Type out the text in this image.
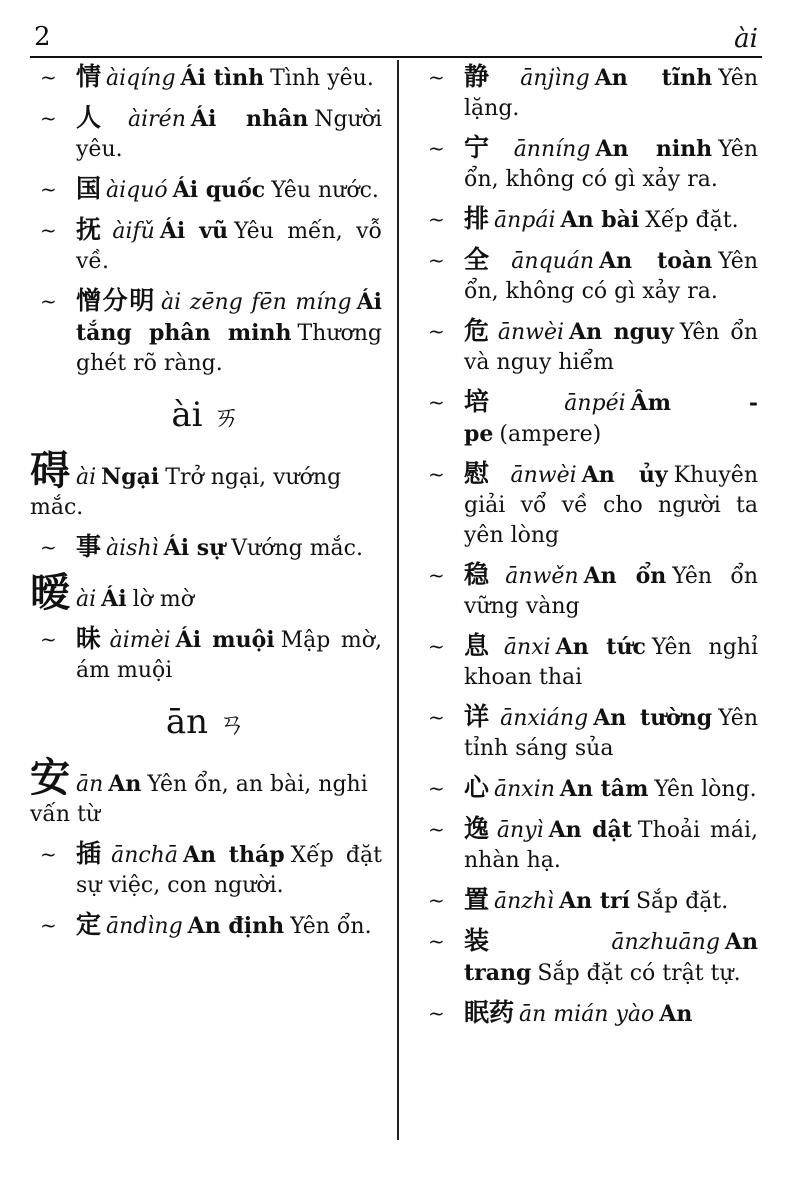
2	ài
~ 情 àiqíng Ái tình Tình yêu.
~ 人 àirén Ái nhân Người yêu.
~ 国 àiquó Ái quốc Yêu nước.
~ 抚 àifǔ Ái vũ Yêu mến, vỗ về.
~ 憎分明 ài zēng fēn míng Ái tắng phân minh Thương ghét rõ ràng.
ài ㄞ
碍ài Ngại Trở ngại, vướng mắc.
~ 事 àishì Ái sự Vướng mắc.
暧ài Ái lờ mờ
~ 昧 àimèi Ái muội Mập mờ, ám muội
ān ㄢ
安ān An Yên ổn, an bài, nghi vấn từ
~ 插 ānchā An tháp Xếp đặt sự việc, con người.
~ 定 āndìng An định Yên ổn.
~ 静 ānjìng An tĩnh Yên lặng.
~ 宁 ānníng An ninh Yên ổn, không có gì xảy ra.
~ 排 ānpái An bài Xếp đặt.
~ 全 ānquán An toàn Yên ổn, không có gì xảy ra.
~ 危 ānwèi An nguy Yên ổn và nguy hiểm
~ 培 ānpéi Âm - pe (ampere)
~ 慰 ānwèi An ủy Khuyên giải vổ về cho người ta yên lòng
~ 稳 ānwěn An ổn Yên ổn vững vàng
~ 息 ānxi An tức Yên nghỉ khoan thai
~ 详 ānxiáng An tường Yên tỉnh sáng sủa
~ 心 ānxin An tâm Yên lòng.
~ 逸 ānyì An dật Thoải mái, nhàn hạ.
~ 置 ānzhì An trí Sắp đặt.
~ 装 ānzhuāng An trang Sắp đặt có trật tự.
~ 眠药 ān mián yào An
